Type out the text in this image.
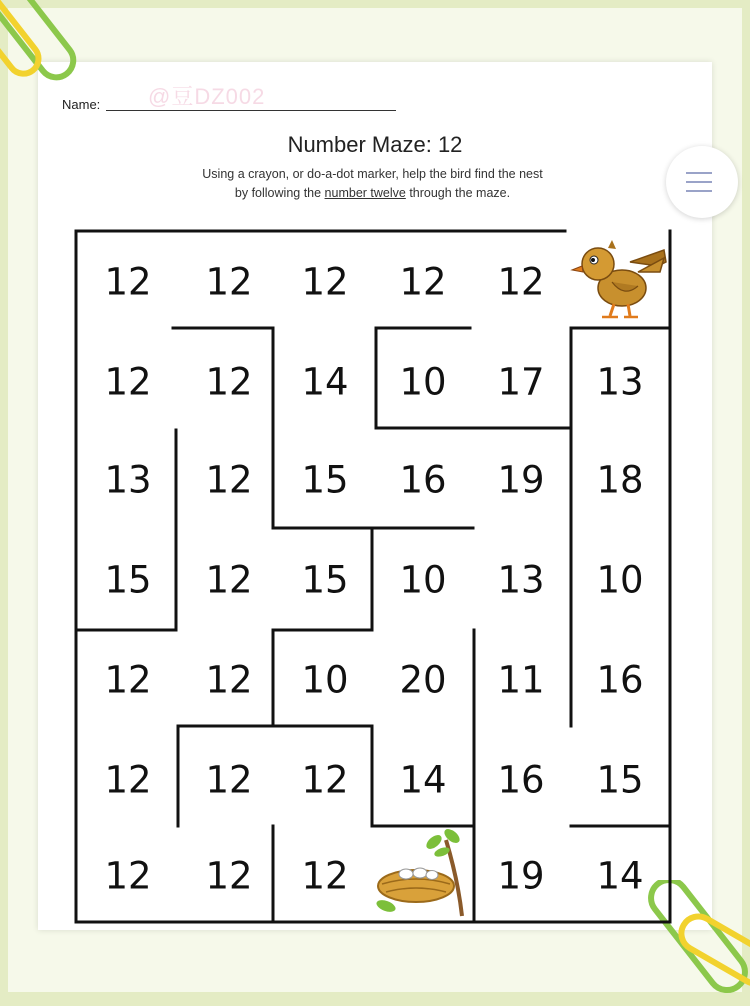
@豆DZ002
Name:
Number Maze: 12
Using a crayon, or do-a-dot marker, help the bird find the nest
by following the number twelve through the maze.
12 12 12 12 12
12 12 14 10 17 13
13 12 15 16 19 18
15 12 15 10 13 10
12 12 10 20 11 16
12 12 12 14 16 15
12 12 12	19 14
